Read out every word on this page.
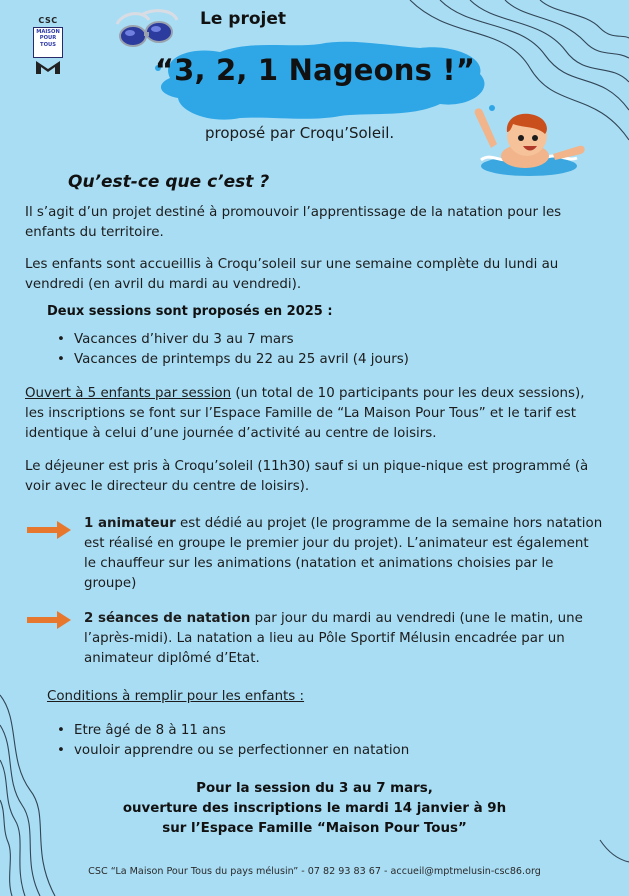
CSC
MAISON
POUR
TOUS
Le projet
“3, 2, 1 Nageons !”
proposé par Croqu’Soleil.
Qu’est-ce que c’est ?
Il s’agit d’un projet destiné à promouvoir l’apprentissage de la natation pour les enfants du territoire.
Les enfants sont accueillis à Croqu’soleil sur une semaine complète du lundi au vendredi (en avril du mardi au vendredi).
Deux sessions sont proposés en 2025 :
• Vacances d’hiver du 3 au 7 mars
• Vacances de printemps du 22 au 25 avril (4 jours)
Ouvert à 5 enfants par session (un total de 10 participants pour les deux sessions), les inscriptions se font sur l’Espace Famille de “La Maison Pour Tous” et le tarif est identique à celui d’une journée d’activité au centre de loisirs.
Le déjeuner est pris à Croqu’soleil (11h30) sauf si un pique-nique est programmé (à voir avec le directeur du centre de loisirs).
1 animateur est dédié au projet (le programme de la semaine hors natation est réalisé en groupe le premier jour du projet). L’animateur est également le chauffeur sur les animations (natation et animations choisies par le groupe)
2 séances de natation par jour du mardi au vendredi (une le matin, une l’après-midi). La natation a lieu au Pôle Sportif Mélusin encadrée par un animateur diplômé d’Etat.
Conditions à remplir pour les enfants :
• Etre âgé de 8 à 11 ans
• vouloir apprendre ou se perfectionner en natation
Pour la session du 3 au 7 mars,
ouverture des inscriptions le mardi 14 janvier à 9h
sur l’Espace Famille “Maison Pour Tous”
CSC “La Maison Pour Tous du pays mélusin” - 07 82 93 83 67 - accueil@mptmelusin-csc86.org
